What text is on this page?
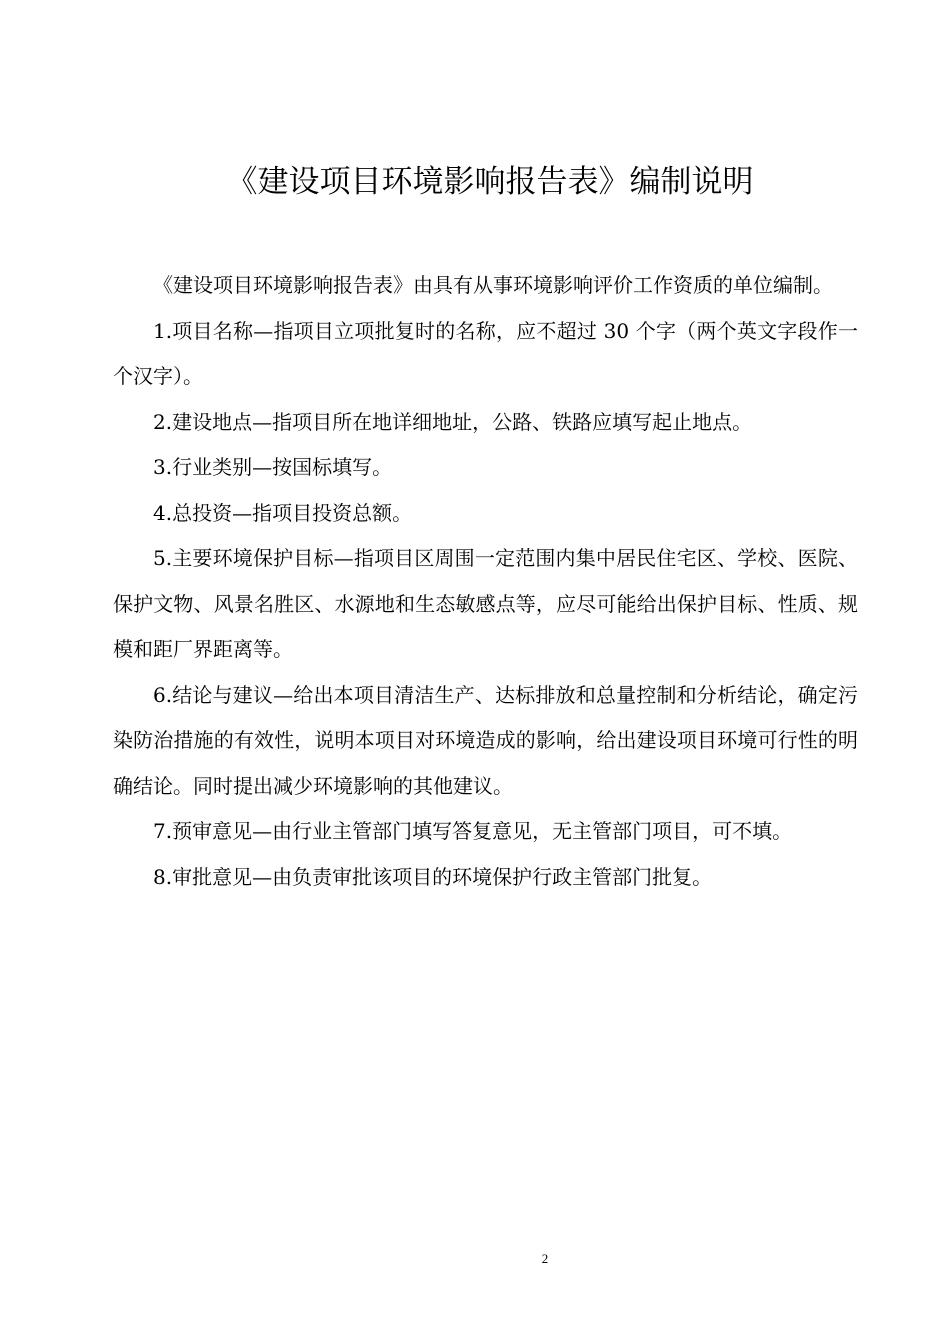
《建设项目环境影响报告表》编制说明

《建设项目环境影响报告表》由具有从事环境影响评价工作资质的单位编制。

1.项目名称—指项目立项批复时的名称，应不超过 30 个字（两个英文字段作一个汉字）。

2.建设地点—指项目所在地详细地址，公路、铁路应填写起止地点。

3.行业类别—按国标填写。

4.总投资—指项目投资总额。

5.主要环境保护目标—指项目区周围一定范围内集中居民住宅区、学校、医院、保护文物、风景名胜区、水源地和生态敏感点等，应尽可能给出保护目标、性质、规模和距厂界距离等。

6.结论与建议—给出本项目清洁生产、达标排放和总量控制和分析结论，确定污染防治措施的有效性，说明本项目对环境造成的影响，给出建设项目环境可行性的明确结论。同时提出减少环境影响的其他建议。

7.预审意见—由行业主管部门填写答复意见，无主管部门项目，可不填。

8.审批意见—由负责审批该项目的环境保护行政主管部门批复。

2
